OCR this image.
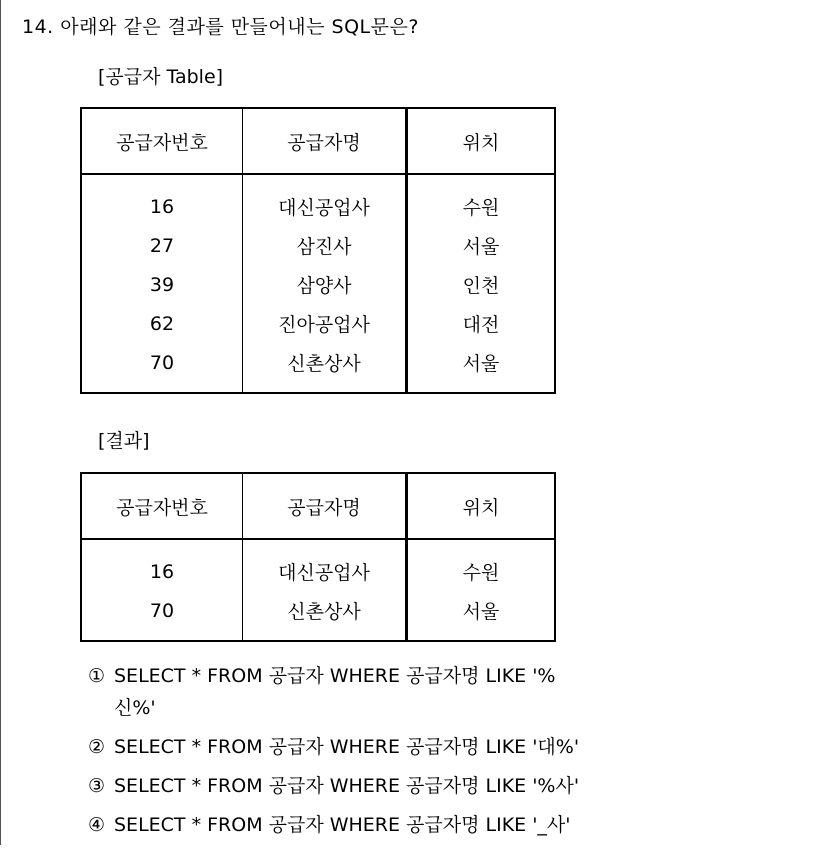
14. 아래와 같은 결과를 만들어내는 SQL문은?
[공급자 Table]
공급자번호	공급자명	위치
16	대신공업사	수원
27	삼진사	서울
39	삼양사	인천
62	진아공업사	대전
70	신촌상사	서울
[결과]
공급자번호	공급자명	위치
16	대신공업사	수원
70	신촌상사	서울
① SELECT * FROM 공급자 WHERE 공급자명 LIKE '%
신%'
② SELECT * FROM 공급자 WHERE 공급자명 LIKE '대%'
③ SELECT * FROM 공급자 WHERE 공급자명 LIKE '%사'
④ SELECT * FROM 공급자 WHERE 공급자명 LIKE '_사'
